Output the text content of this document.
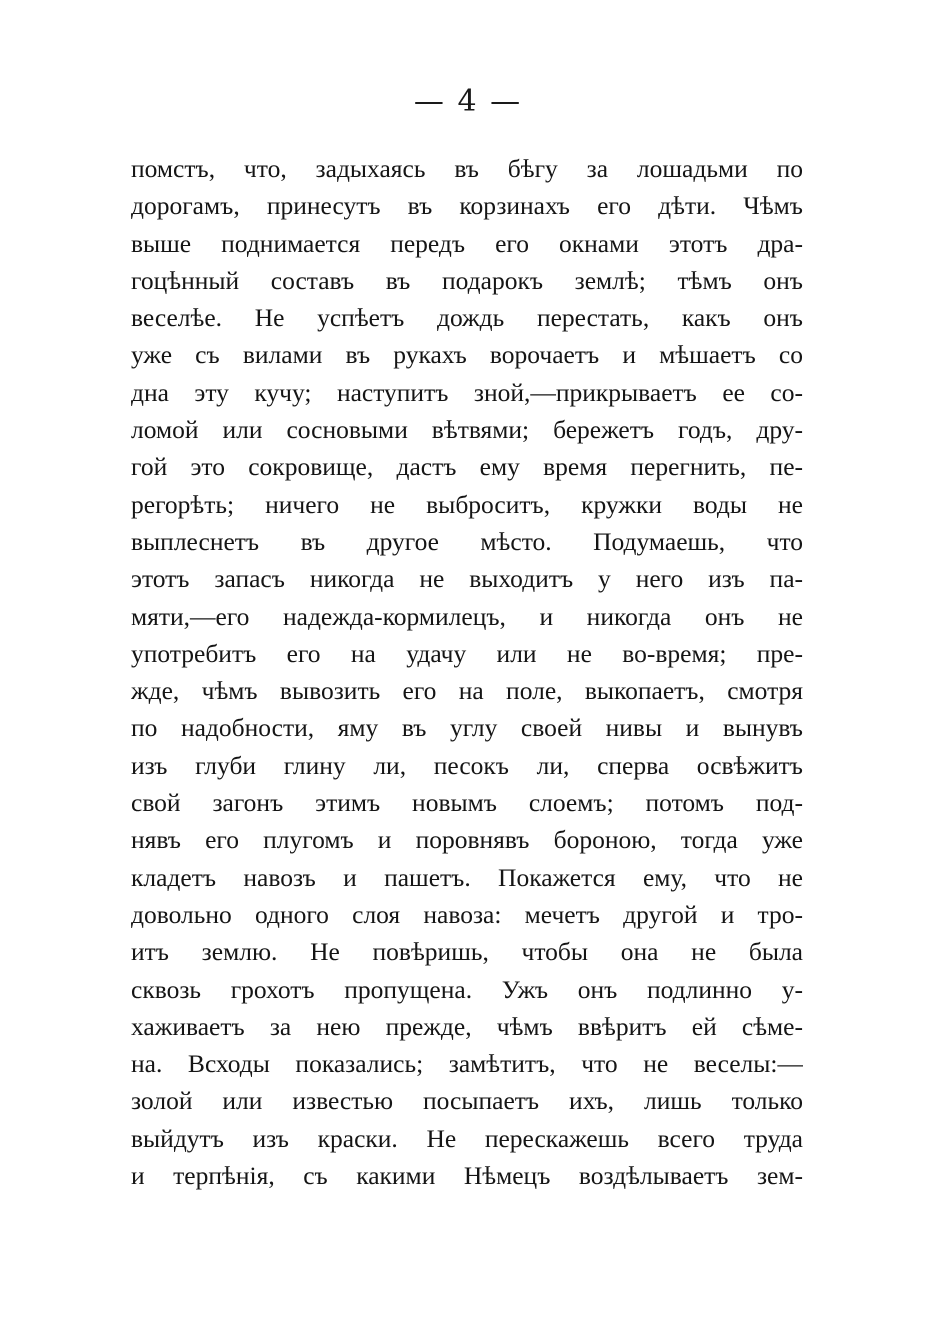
— 4 —
помстъ, что, задыхаясь въ бѣгу за лошадьми по
дорогамъ, принесутъ въ корзинахъ его дѣти. Чѣмъ
выше поднимается передъ его окнами этотъ дра-
гоцѣнный составъ въ подарокъ землѣ; тѣмъ онъ
веселѣе. Не успѣетъ дождь перестать, какъ онъ
уже съ вилами въ рукахъ ворочаетъ и мѣшаетъ со
дна эту кучу; наступитъ зной,—прикрываетъ ее со-
ломой или сосновыми вѣтвями; бережетъ годъ, дру-
гой это сокровище, дастъ ему время перегнить, пе-
регорѣть; ничего не выброситъ, кружки воды не
выплеснетъ въ другое мѣсто. Подумаешь, что
этотъ запасъ никогда не выходитъ у него изъ па-
мяти,—его надежда-кормилецъ, и никогда онъ не
употребитъ его на удачу или не во-время; пре-
жде, чѣмъ вывозить его на поле, выкопаетъ, смотря
по надобности, яму въ углу своей нивы и вынувъ
изъ глуби глину ли, песокъ ли, сперва освѣжитъ
свой загонъ этимъ новымъ слоемъ; потомъ под-
нявъ его плугомъ и поровнявъ бороною, тогда уже
кладетъ навозъ и пашетъ. Покажется ему, что не
довольно одного слоя навоза: мечетъ другой и тро-
итъ землю. Не повѣришь, чтобы она не была
сквозь грохотъ пропущена. Ужъ онъ подлинно у-
хаживаетъ за нею прежде, чѣмъ ввѣритъ ей сѣме-
на. Всходы показались; замѣтитъ, что не веселы:—
золой или известью посыпаетъ ихъ, лишь только
выйдутъ изъ краски. Не перескажешь всего труда
и терпѣнія, съ какими Нѣмецъ воздѣлываетъ зем-
